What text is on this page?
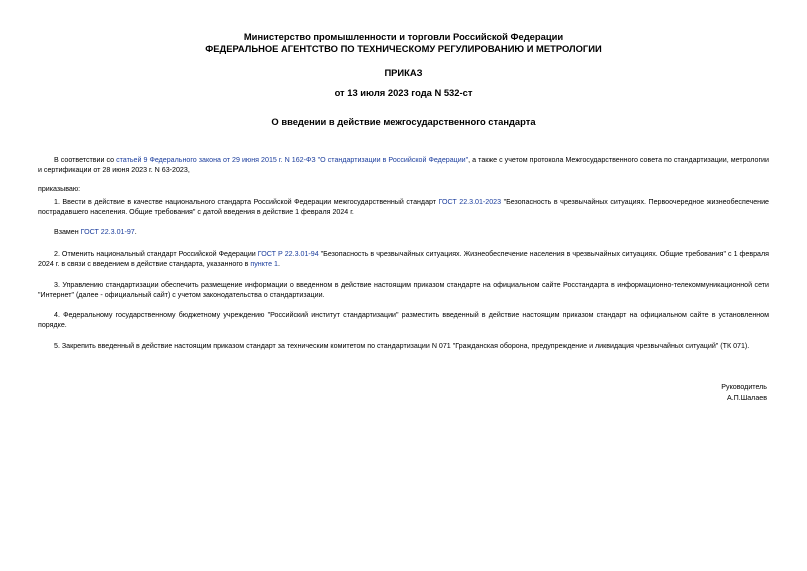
Министерство промышленности и торговли Российской Федерации
ФЕДЕРАЛЬНОЕ АГЕНТСТВО ПО ТЕХНИЧЕСКОМУ РЕГУЛИРОВАНИЮ И МЕТРОЛОГИИ
ПРИКАЗ
от 13 июля 2023 года N 532-ст
О введении в действие межгосударственного стандарта
В соответствии со статьей 9 Федерального закона от 29 июня 2015 г. N 162-ФЗ "О стандартизации в Российской Федерации", а также с учетом протокола Межгосударственного совета по стандартизации, метрологии и сертификации от 28 июня 2023 г. N 63-2023,
приказываю:
1. Ввести в действие в качестве национального стандарта Российской Федерации межгосударственный стандарт ГОСТ 22.3.01-2023 "Безопасность в чрезвычайных ситуациях. Первоочередное жизнеобеспечение пострадавшего населения. Общие требования" с датой введения в действие 1 февраля 2024 г.
Взамен ГОСТ 22.3.01-97.
2. Отменить национальный стандарт Российской Федерации ГОСТ Р 22.3.01-94 "Безопасность в чрезвычайных ситуациях. Жизнеобеспечение населения в чрезвычайных ситуациях. Общие требования" с 1 февраля 2024 г. в связи с введением в действие стандарта, указанного в пункте 1.
3. Управлению стандартизации обеспечить размещение информации о введенном в действие настоящим приказом стандарте на официальном сайте Росстандарта в информационно-телекоммуникационной сети "Интернет" (далее - официальный сайт) с учетом законодательства о стандартизации.
4. Федеральному государственному бюджетному учреждению "Российский институт стандартизации" разместить введенный в действие настоящим приказом стандарт на официальном сайте в установленном порядке.
5. Закрепить введенный в действие настоящим приказом стандарт за техническим комитетом по стандартизации N 071 "Гражданская оборона, предупреждение и ликвидация чрезвычайных ситуаций" (ТК 071).
Руководитель
А.П.Шалаев
